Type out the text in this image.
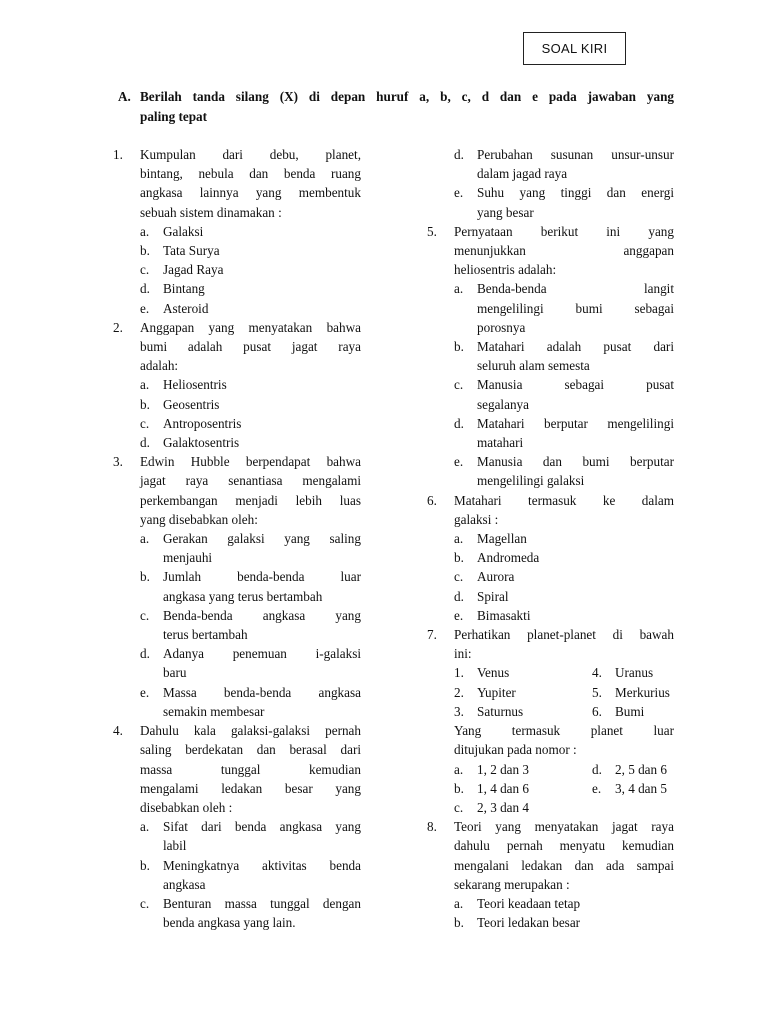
SOAL KIRI
A. Berilah tanda silang (X) di depan huruf a, b, c, d dan e pada jawaban yang
paling tepat
1. Kumpulan dari debu, planet,
bintang, nebula dan benda ruang
angkasa lainnya yang membentuk
sebuah sistem dinamakan :
a. Galaksi
b. Tata Surya
c. Jagad Raya
d. Bintang
e. Asteroid
2. Anggapan yang menyatakan bahwa
bumi adalah pusat jagat raya
adalah:
a. Heliosentris
b. Geosentris
c. Antroposentris
d. Galaktosentris
3. Edwin Hubble berpendapat bahwa
jagat raya senantiasa mengalami
perkembangan menjadi lebih luas
yang disebabkan oleh:
a. Gerakan galaksi yang saling
menjauhi
b. Jumlah benda-benda luar
angkasa yang terus bertambah
c. Benda-benda angkasa yang
terus bertambah
d. Adanya penemuan i-galaksi
baru
e. Massa benda-benda angkasa
semakin membesar
4. Dahulu kala galaksi-galaksi pernah
saling berdekatan dan berasal dari
massa tunggal kemudian
mengalami ledakan besar yang
disebabkan oleh :
a. Sifat dari benda angkasa yang
labil
b. Meningkatnya aktivitas benda
angkasa
c. Benturan massa tunggal dengan
benda angkasa yang lain.
d. Perubahan susunan unsur-unsur
dalam jagad raya
e. Suhu yang tinggi dan energi
yang besar
5. Pernyataan berikut ini yang
menunjukkan anggapan
heliosentris adalah:
a. Benda-benda langit
mengelilingi bumi sebagai
porosnya
b. Matahari adalah pusat dari
seluruh alam semesta
c. Manusia sebagai pusat
segalanya
d. Matahari berputar mengelilingi
matahari
e. Manusia dan bumi berputar
mengelilingi galaksi
6. Matahari termasuk ke dalam
galaksi :
a. Magellan
b. Andromeda
c. Aurora
d. Spiral
e. Bimasakti
7. Perhatikan planet-planet di bawah
ini:
1. Venus	4. Uranus
2. Yupiter	5. Merkurius
3. Saturnus	6. Bumi
Yang termasuk planet luar
ditujukan pada nomor :
a. 1, 2 dan 3	d. 2, 5 dan 6
b. 1, 4 dan 6	e. 3, 4 dan 5
c. 2, 3 dan 4
8. Teori yang menyatakan jagat raya
dahulu pernah menyatu kemudian
mengalani ledakan dan ada sampai
sekarang merupakan :
a. Teori keadaan tetap
b. Teori ledakan besar
